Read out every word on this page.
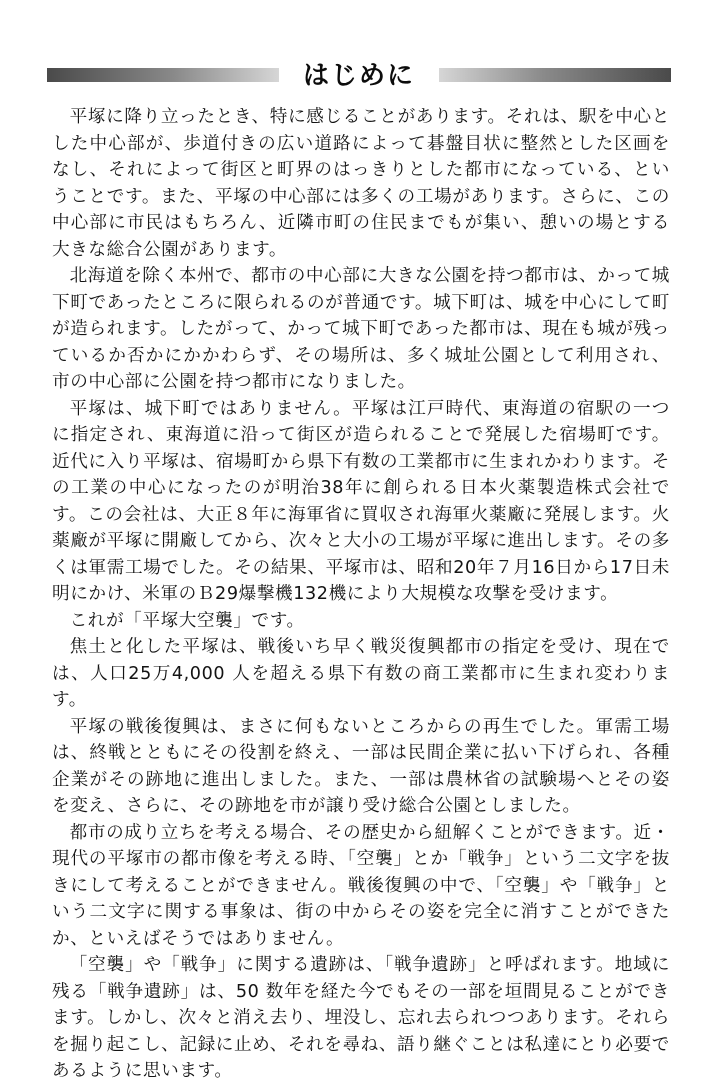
はじめに

平塚に降り立ったとき、特に感じることがあります。それは、駅を中心とした中心部が、歩道付きの広い道路によって碁盤目状に整然とした区画をなし、それによって街区と町界のはっきりとした都市になっている、ということです。また、平塚の中心部には多くの工場があります。さらに、この中心部に市民はもちろん、近隣市町の住民までもが集い、憩いの場とする大きな総合公園があります。

北海道を除く本州で、都市の中心部に大きな公園を持つ都市は、かって城下町であったところに限られるのが普通です。城下町は、城を中心にして町が造られます。したがって、かって城下町であった都市は、現在も城が残っているか否かにかかわらず、その場所は、多く城址公園として利用され、市の中心部に公園を持つ都市になりました。

平塚は、城下町ではありません。平塚は江戸時代、東海道の宿駅の一つに指定され、東海道に沿って街区が造られることで発展した宿場町です。近代に入り平塚は、宿場町から県下有数の工業都市に生まれかわります。その工業の中心になったのが明治38年に創られる日本火薬製造株式会社です。この会社は、大正８年に海軍省に買収され海軍火薬廠に発展します。火薬廠が平塚に開廠してから、次々と大小の工場が平塚に進出します。その多くは軍需工場でした。その結果、平塚市は、昭和20年７月16日から17日未明にかけ、米軍のＢ29爆撃機132機により大規模な攻撃を受けます。

これが「平塚大空襲」です。

焦土と化した平塚は、戦後いち早く戦災復興都市の指定を受け、現在では、人口25万4,000 人を超える県下有数の商工業都市に生まれ変わります。

平塚の戦後復興は、まさに何もないところからの再生でした。軍需工場は、終戦とともにその役割を終え、一部は民間企業に払い下げられ、各種企業がその跡地に進出しました。また、一部は農林省の試験場へとその姿を変え、さらに、その跡地を市が譲り受け総合公園としました。

都市の成り立ちを考える場合、その歴史から紐解くことができます。近・現代の平塚市の都市像を考える時、「空襲」とか「戦争」という二文字を抜きにして考えることができません。戦後復興の中で、「空襲」や「戦争」という二文字に関する事象は、街の中からその姿を完全に消すことができたか、といえばそうではありません。

「空襲」や「戦争」に関する遺跡は、「戦争遺跡」と呼ばれます。地域に残る「戦争遺跡」は、50 数年を経た今でもその一部を垣間見ることができます。しかし、次々と消え去り、埋没し、忘れ去られつつあります。それらを掘り起こし、記録に止め、それを尋ね、語り継ぐことは私達にとり必要であるように思います。
